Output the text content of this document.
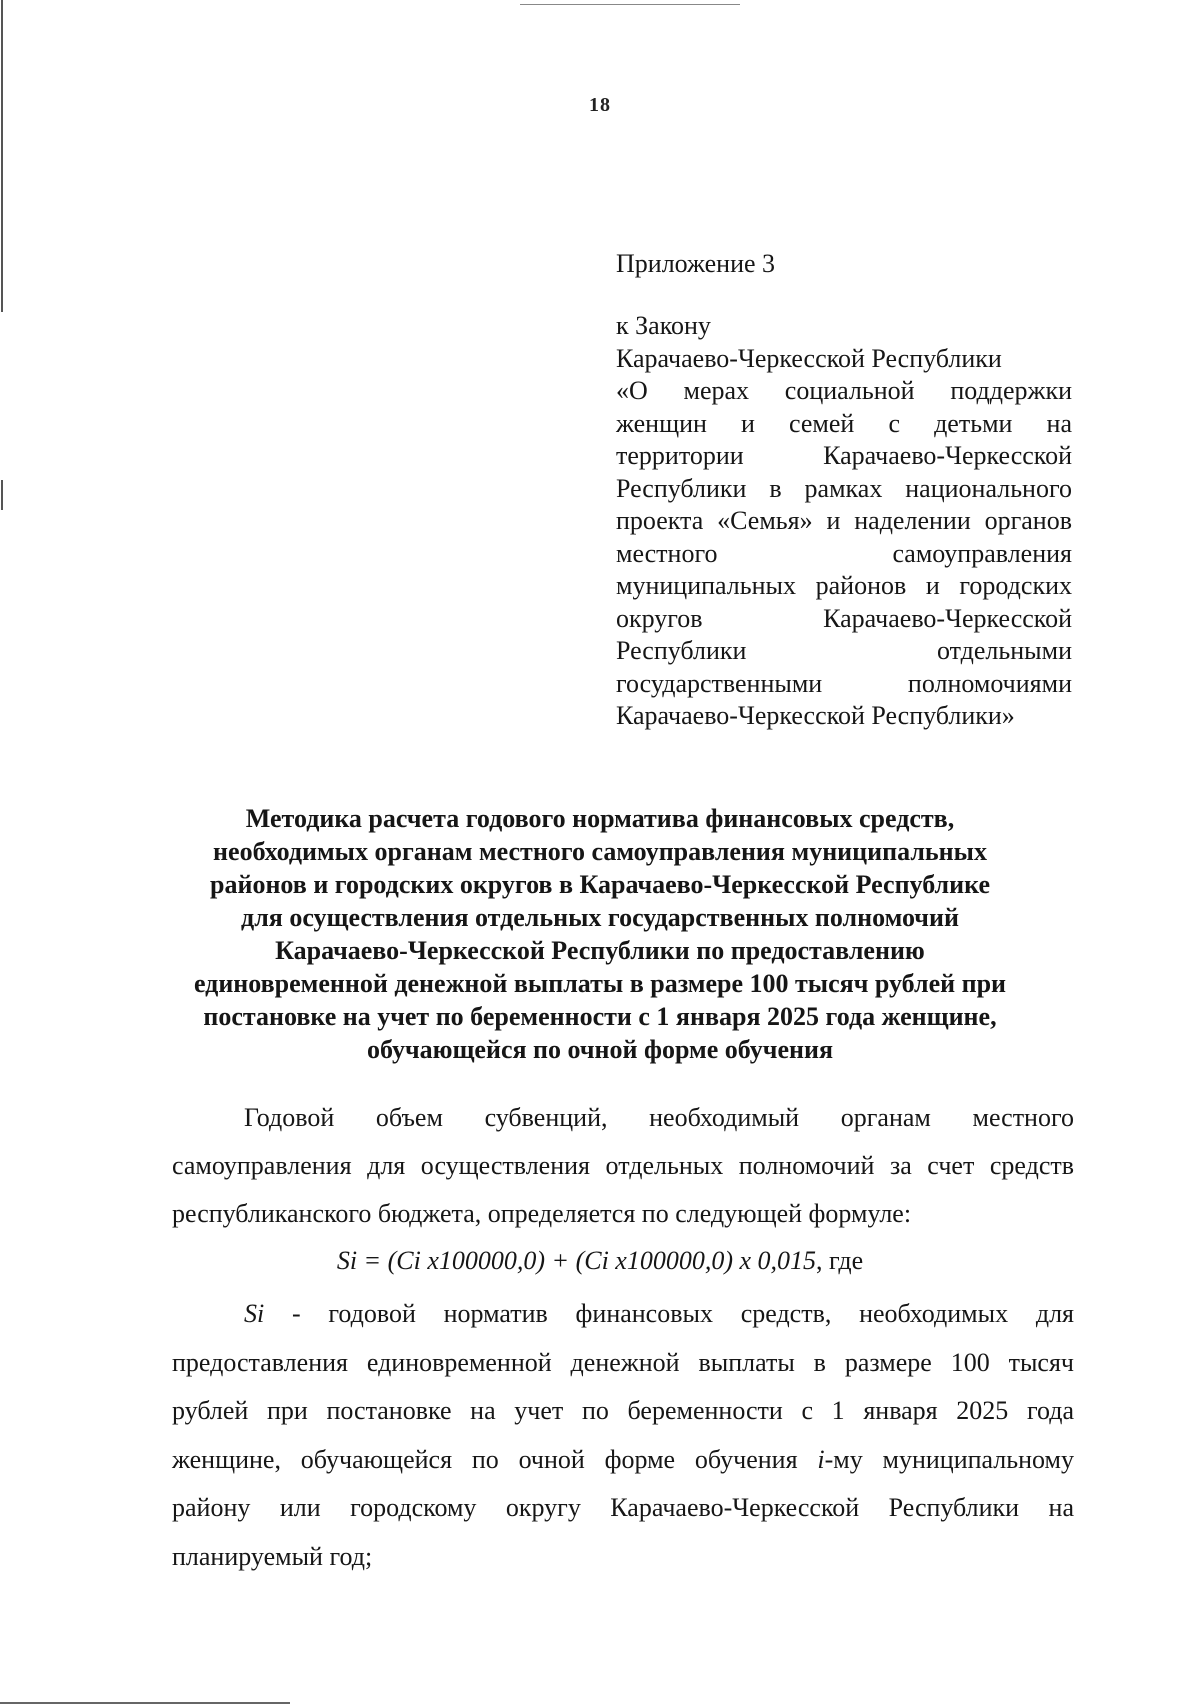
18
Приложение 3
к Закону
Карачаево-Черкесской Республики
«О мерах социальной поддержки
женщин и семей с детьми на
территории Карачаево-Черкесской
Республики в рамках национального
проекта «Семья» и наделении органов
местного самоуправления
муниципальных районов и городских
округов Карачаево-Черкесской
Республики отдельными
государственными полномочиями
Карачаево-Черкесской Республики»
Методика расчета годового норматива финансовых средств,
необходимых органам местного самоуправления муниципальных
районов и городских округов в Карачаево-Черкесской Республике
для осуществления отдельных государственных полномочий
Карачаево-Черкесской Республики по предоставлению
единовременной денежной выплаты в размере 100 тысяч рублей при
постановке на учет по беременности с 1 января 2025 года женщине,
обучающейся по очной форме обучения
Годовой объем субвенций, необходимый органам местного
самоуправления для осуществления отдельных полномочий за счет средств
республиканского бюджета, определяется по следующей формуле:
Si = (Ci x100000,0) + (Ci x100000,0) x 0,015, где
Si - годовой норматив финансовых средств, необходимых для
предоставления единовременной денежной выплаты в размере 100 тысяч
рублей при постановке на учет по беременности с 1 января 2025 года
женщине, обучающейся по очной форме обучения i-му муниципальному
району или городскому округу Карачаево-Черкесской Республики на
планируемый год;
